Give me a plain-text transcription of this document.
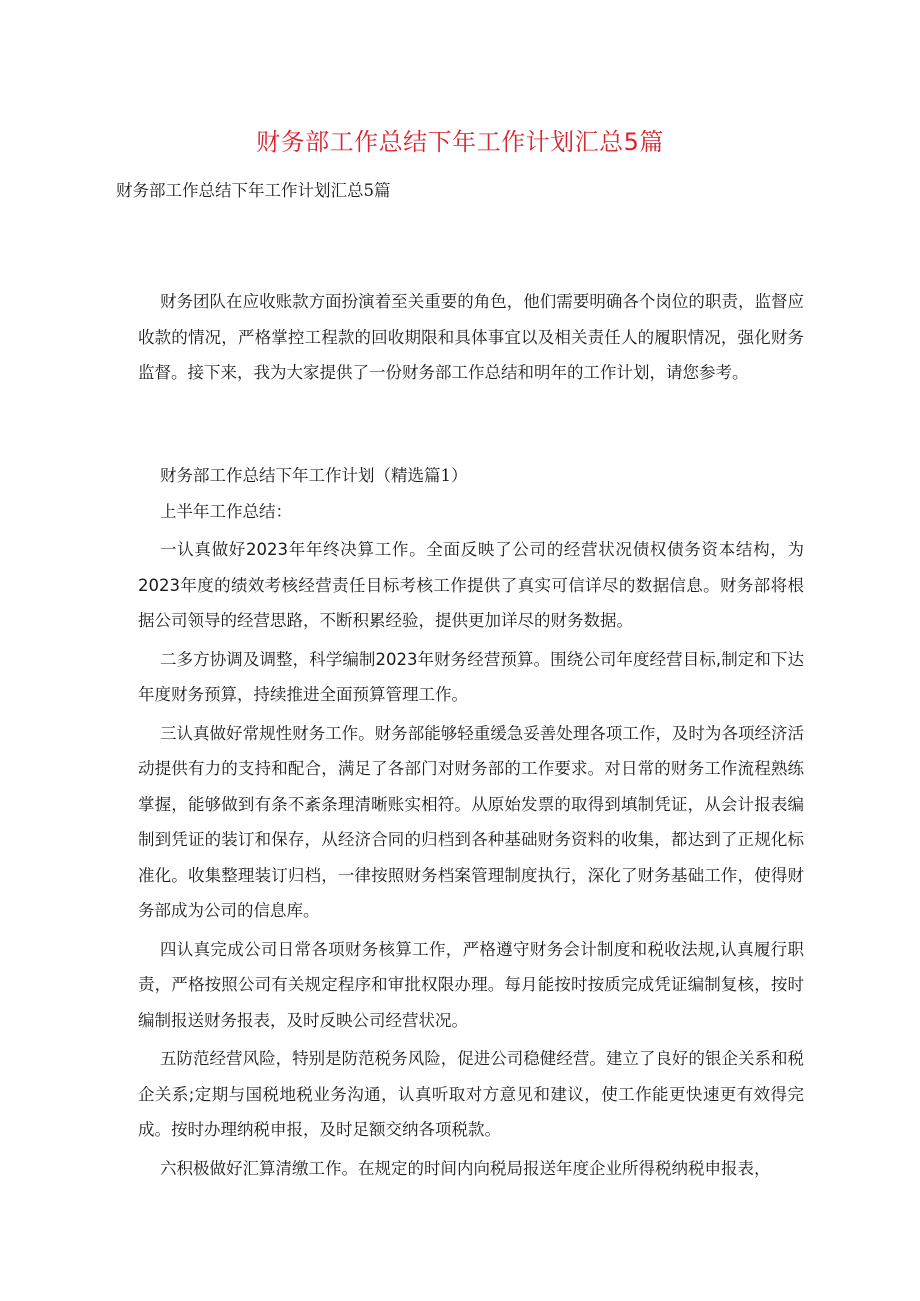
财务部工作总结下年工作计划汇总5篇

财务部工作总结下年工作计划汇总5篇

财务团队在应收账款方面扮演着至关重要的角色，他们需要明确各个岗位的职责，监督应收款的情况，严格掌控工程款的回收期限和具体事宜以及相关责任人的履职情况，强化财务监督。接下来，我为大家提供了一份财务部工作总结和明年的工作计划，请您参考。

财务部工作总结下年工作计划（精选篇1）

上半年工作总结：

一认真做好2023年年终决算工作。全面反映了公司的经营状况债权债务资本结构，为2023年度的绩效考核经营责任目标考核工作提供了真实可信详尽的数据信息。财务部将根据公司领导的经营思路，不断积累经验，提供更加详尽的财务数据。

二多方协调及调整，科学编制2023年财务经营预算。围绕公司年度经营目标,制定和下达年度财务预算，持续推进全面预算管理工作。

三认真做好常规性财务工作。财务部能够轻重缓急妥善处理各项工作，及时为各项经济活动提供有力的支持和配合，满足了各部门对财务部的工作要求。对日常的财务工作流程熟练掌握，能够做到有条不紊条理清晰账实相符。从原始发票的取得到填制凭证，从会计报表编制到凭证的装订和保存，从经济合同的归档到各种基础财务资料的收集，都达到了正规化标准化。收集整理装订归档，一律按照财务档案管理制度执行，深化了财务基础工作，使得财务部成为公司的信息库。

四认真完成公司日常各项财务核算工作，严格遵守财务会计制度和税收法规,认真履行职责，严格按照公司有关规定程序和审批权限办理。每月能按时按质完成凭证编制复核，按时编制报送财务报表，及时反映公司经营状况。

五防范经营风险，特别是防范税务风险，促进公司稳健经营。建立了良好的银企关系和税企关系;定期与国税地税业务沟通，认真听取对方意见和建议，使工作能更快速更有效得完成。按时办理纳税申报，及时足额交纳各项税款。

六积极做好汇算清缴工作。在规定的时间内向税局报送年度企业所得税纳税申报表，
